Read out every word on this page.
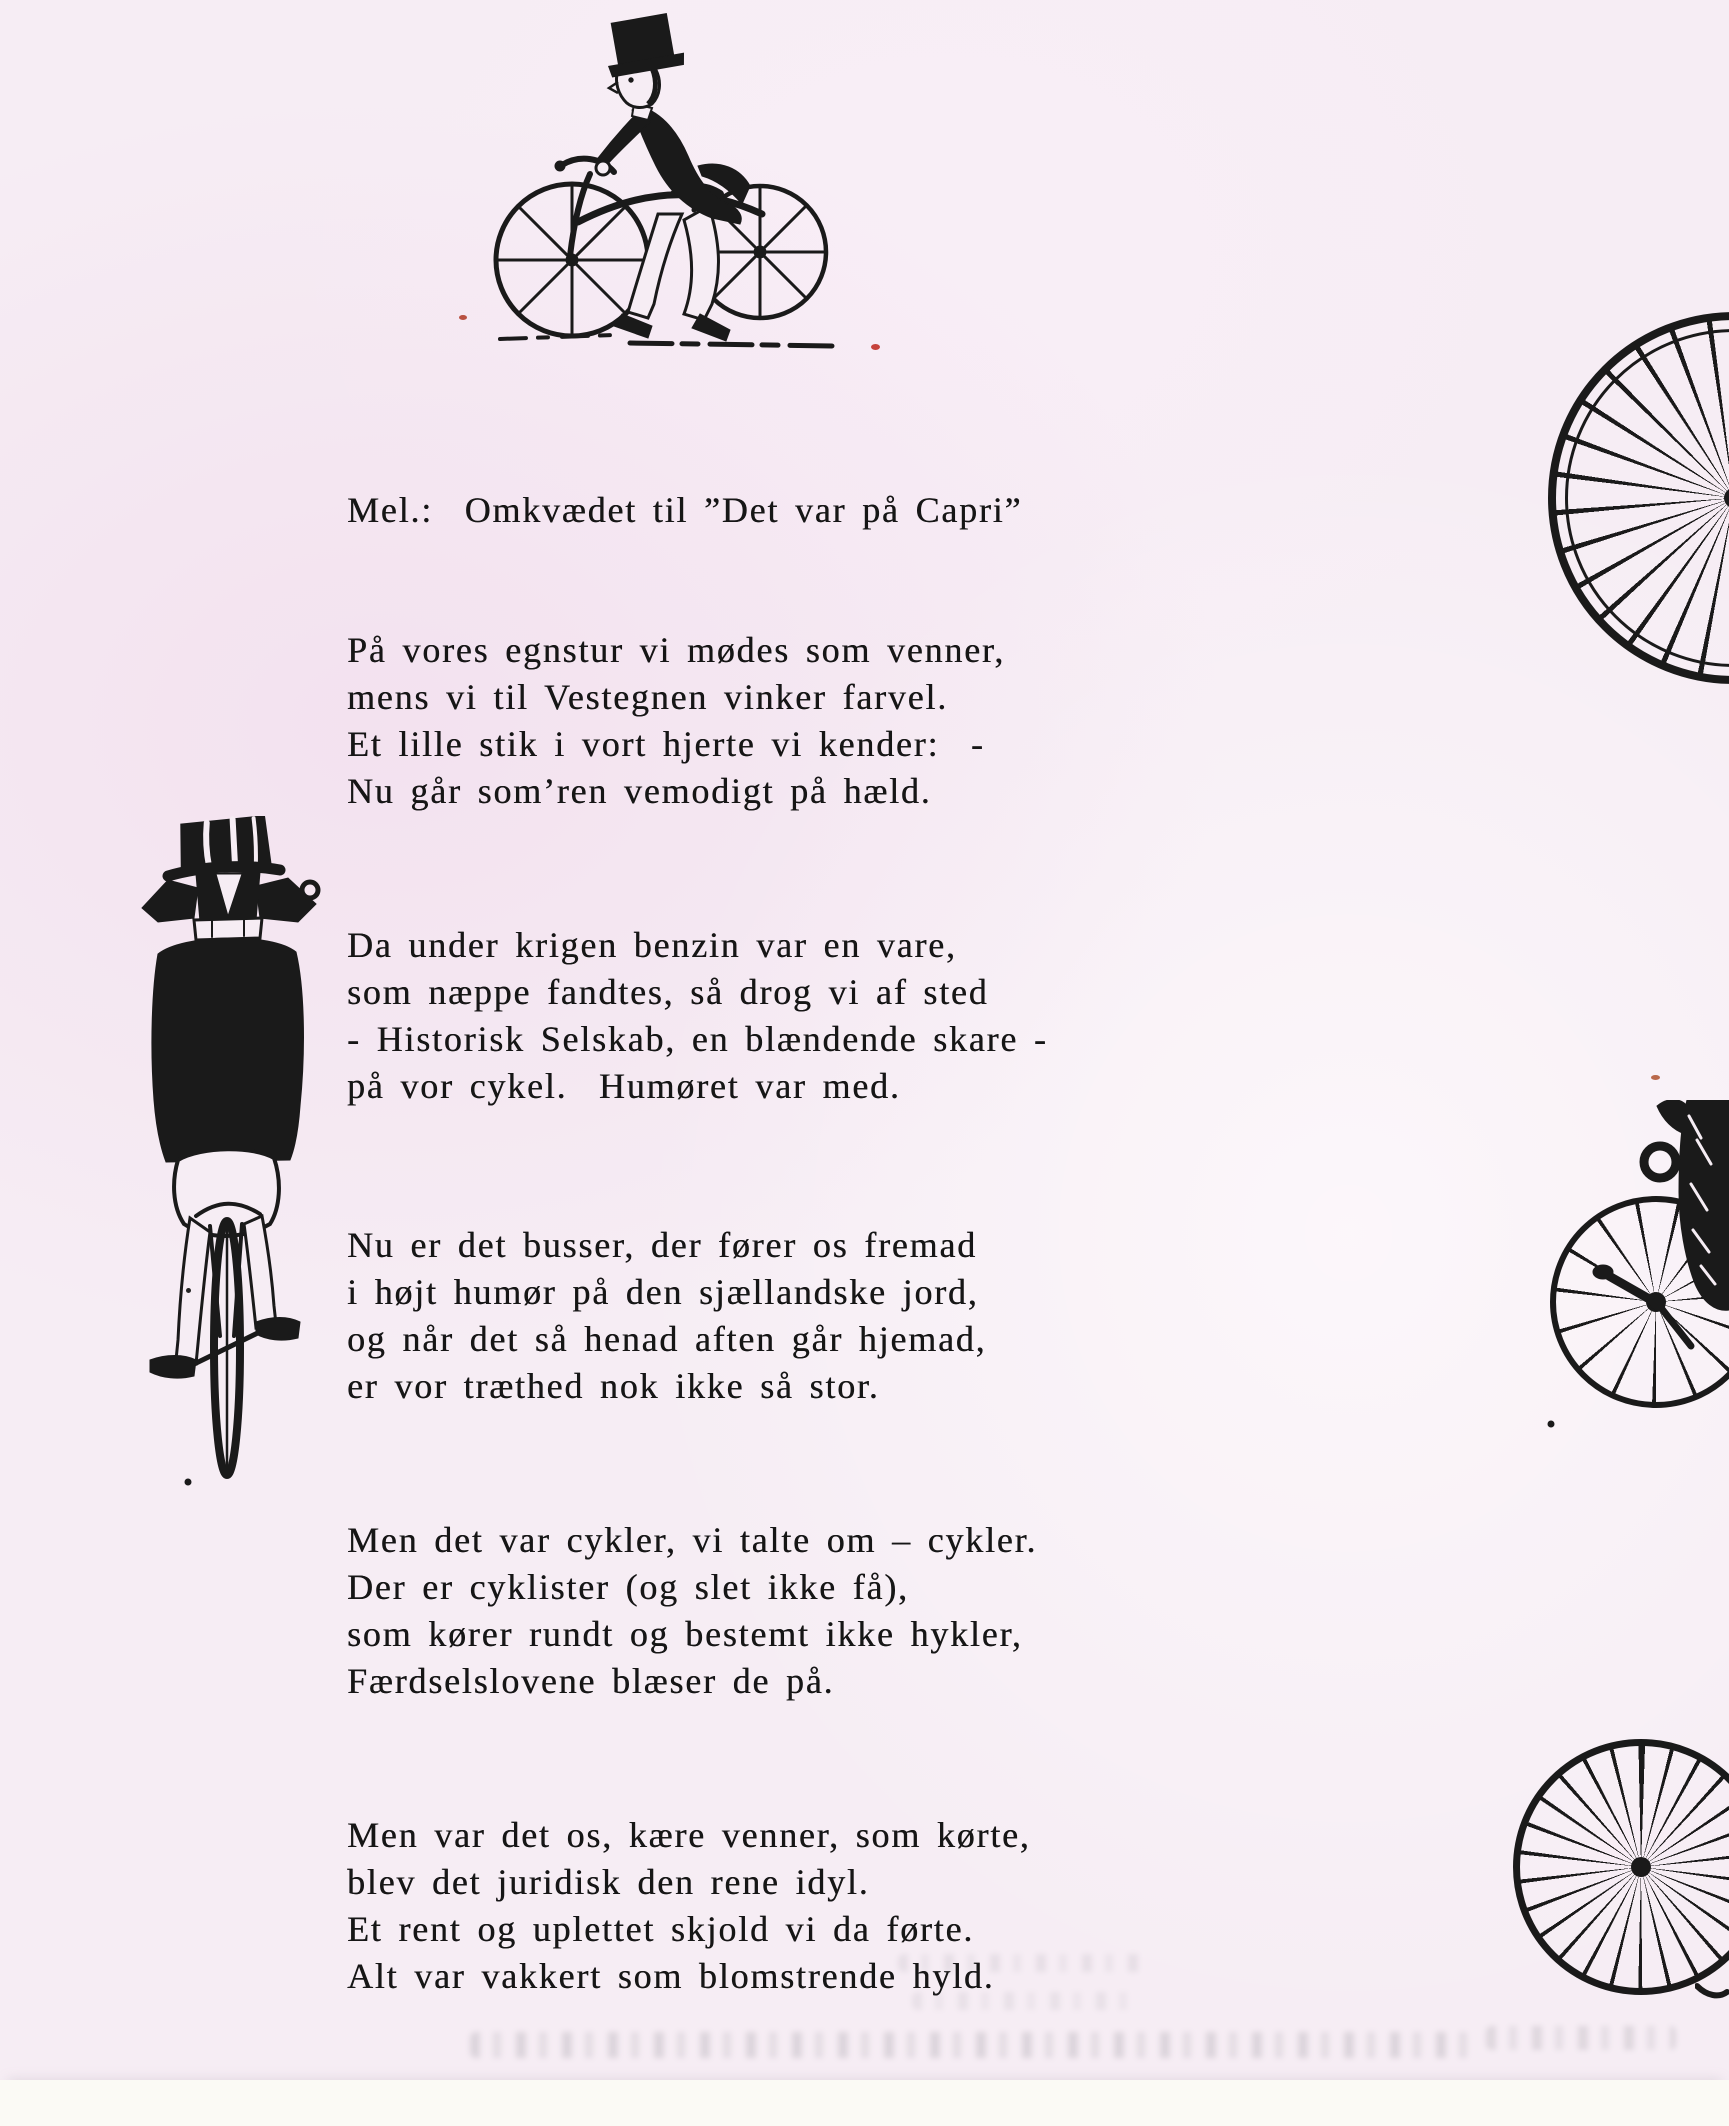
Mel.:  Omkvædet til ”Det var på Capri”
På vores egnstur vi mødes som venner,
mens vi til Vestegnen vinker farvel.
Et lille stik i vort hjerte vi kender:  -
Nu går som’ren vemodigt på hæld.
Da under krigen benzin var en vare,
som næppe fandtes, så drog vi af sted
- Historisk Selskab, en blændende skare -
på vor cykel.  Humøret var med.
Nu er det busser, der fører os fremad
i højt humør på den sjællandske jord,
og når det så henad aften går hjemad,
er vor træthed nok ikke så stor.
Men det var cykler, vi talte om – cykler.
Der er cyklister (og slet ikke få),
som kører rundt og bestemt ikke hykler,
Færdselslovene blæser de på.
Men var det os, kære venner, som kørte,
blev det juridisk den rene idyl.
Et rent og uplettet skjold vi da førte.
Alt var vakkert som blomstrende hyld.
